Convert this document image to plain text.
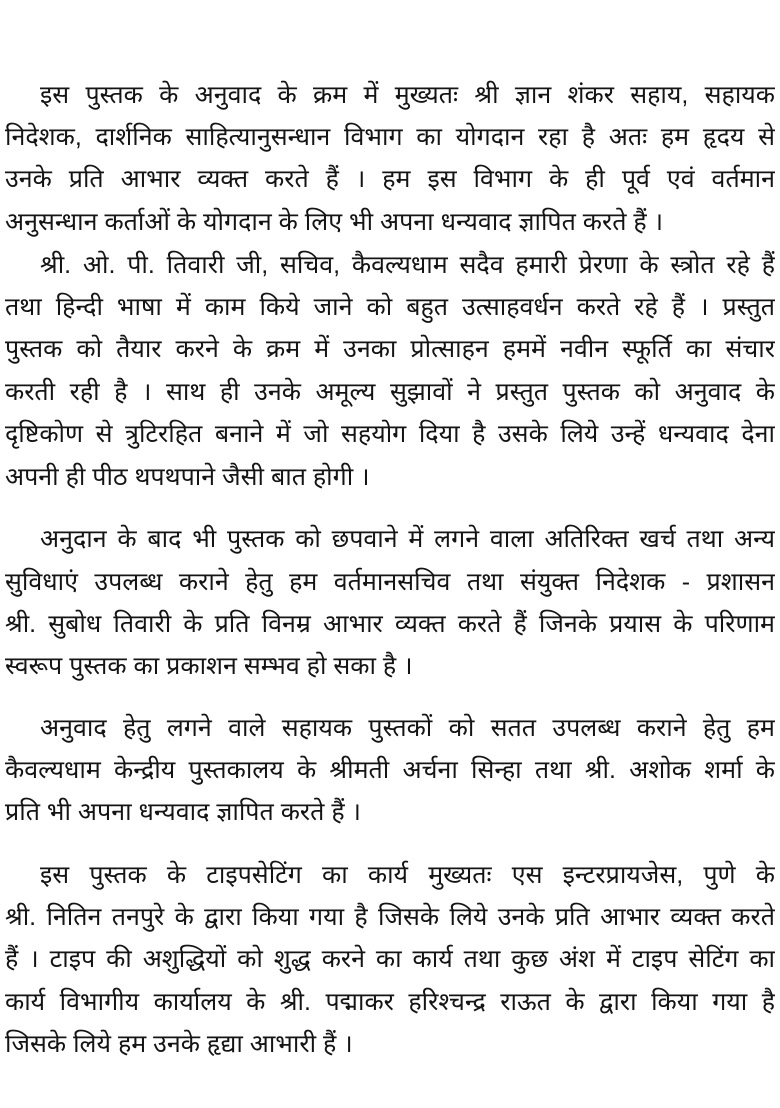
इस पुस्तक के अनुवाद के क्रम में मुख्यतः श्री ज्ञान शंकर सहाय, सहायक
निदेशक, दार्शनिक साहित्यानुसन्धान विभाग का योगदान रहा है अतः हम हृदय से
उनके प्रति आभार व्यक्त करते हैं । हम इस विभाग के ही पूर्व एवं वर्तमान
अनुसन्धान कर्ताओं के योगदान के लिए भी अपना धन्यवाद ज्ञापित करते हैं ।
श्री. ओ. पी. तिवारी जी, सचिव, कैवल्यधाम सदैव हमारी प्रेरणा के स्त्रोत रहे हैं
तथा हिन्दी भाषा में काम किये जाने को बहुत उत्साहवर्धन करते रहे हैं । प्रस्तुत
पुस्तक को तैयार करने के क्रम में उनका प्रोत्साहन हममें नवीन स्फूर्ति का संचार
करती रही है । साथ ही उनके अमूल्य सुझावों ने प्रस्तुत पुस्तक को अनुवाद के
दृष्टिकोण से त्रुटिरहित बनाने में जो सहयोग दिया है उसके लिये उन्हें धन्यवाद देना
अपनी ही पीठ थपथपाने जैसी बात होगी ।
अनुदान के बाद भी पुस्तक को छपवाने में लगने वाला अतिरिक्त खर्च तथा अन्य
सुविधाएं उपलब्ध कराने हेतु हम वर्तमानसचिव तथा संयुक्त निदेशक - प्रशासन
श्री. सुबोध तिवारी के प्रति विनम्र आभार व्यक्त करते हैं जिनके प्रयास के परिणाम
स्वरूप पुस्तक का प्रकाशन सम्भव हो सका है ।
अनुवाद हेतु लगने वाले सहायक पुस्तकों को सतत उपलब्ध कराने हेतु हम
कैवल्यधाम केन्द्रीय पुस्तकालय के श्रीमती अर्चना सिन्हा तथा श्री. अशोक शर्मा के
प्रति भी अपना धन्यवाद ज्ञापित करते हैं ।
इस पुस्तक के टाइपसेटिंग का कार्य मुख्यतः एस इन्टरप्रायजेस, पुणे के
श्री. नितिन तनपुरे के द्वारा किया गया है जिसके लिये उनके प्रति आभार व्यक्त करते
हैं । टाइप की अशुद्धियों को शुद्ध करने का कार्य तथा कुछ अंश में टाइप सेटिंग का
कार्य विभागीय कार्यालय के श्री. पद्माकर हरिश्चन्द्र राऊत के द्वारा किया गया है
जिसके लिये हम उनके हृद्या आभारी हैं ।
